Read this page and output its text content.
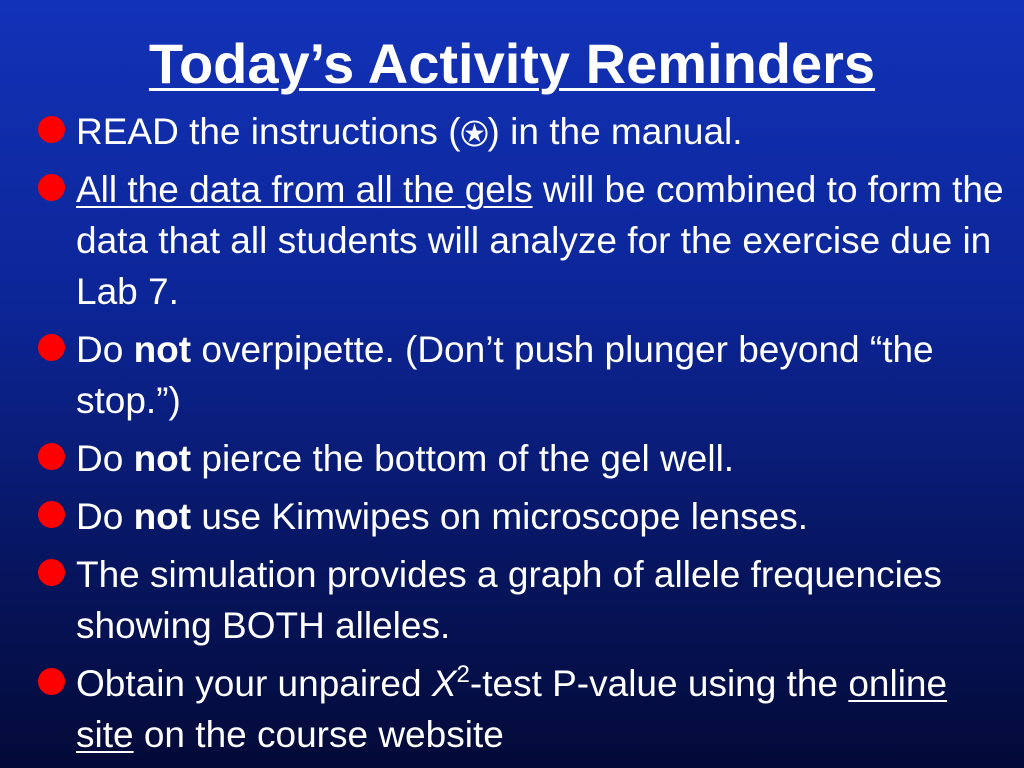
Today’s Activity Reminders
READ the instructions ( ) in the manual.
All the data from all the gels will be combined to form the data that all students will analyze for the exercise due in Lab 7.
Do not overpipette. (Don’t push plunger beyond “the stop.”)
Do not pierce the bottom of the gel well.
Do not use Kimwipes on microscope lenses.
The simulation provides a graph of allele frequencies showing BOTH alleles.
Obtain your unpaired $X^2$-test P-value using the online site on the course website
